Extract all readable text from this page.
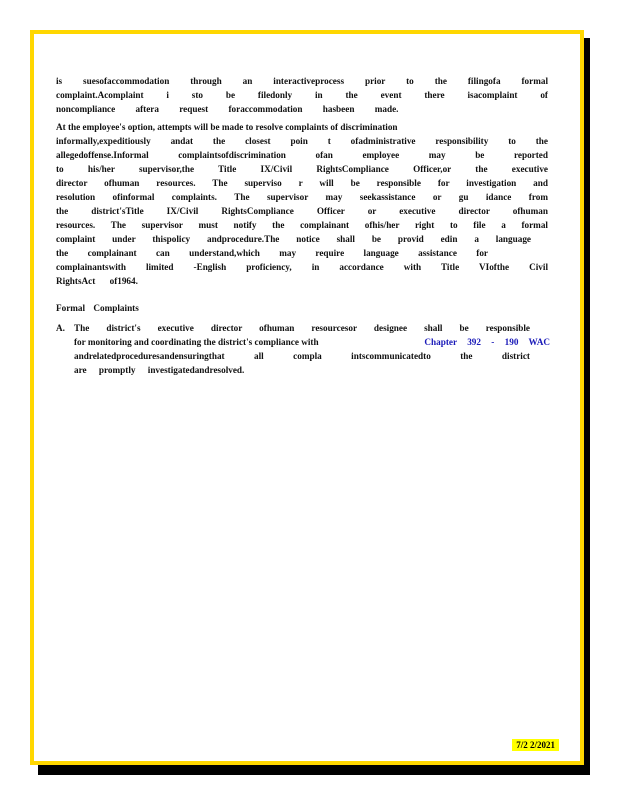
is suesofaccommodation through an interactiveprocess prior to the filingofa formal
complaint.Acomplaint i sto be filedonly in the event there isacomplaint of
noncompliance aftera request foraccommodation hasbeen made.

At the employee's option, attempts will be made to resolve complaints of discrimination
informally,expeditiously andat the closest poin t ofadministrative responsibility to the
allegedoffense.Informal complaintsofdiscrimination ofan employee may be reported
to his/her supervisor,the Title IX/Civil RightsCompliance Officer,or the executive
director ofhuman resources. The superviso r will be responsible for investigation and
resolution ofinformal complaints. The supervisor may seekassistance or gu idance from
the district'sTitle IX/Civil RightsCompliance Officer or executive director ofhuman
resources. The supervisor must notify the complainant ofhis/her right to file a formal
complaint under thispolicy andprocedure.The notice shall be provid edin a language
the complainant can understand,which may require language assistance for
complainantswith limited -English proficiency, in accordance with Title VIofthe Civil
RightsAct of1964.

Formal Complaints
A. The district's executive director ofhuman resourcesor designee shall be responsible
for monitoring and coordinating the district's compliance with	Chapter 392 - 190 WAC
andrelatedproceduresandensuringthat all compla intscommunicatedto the district
are promptly investigatedandresolved.
7/2 2/2021
